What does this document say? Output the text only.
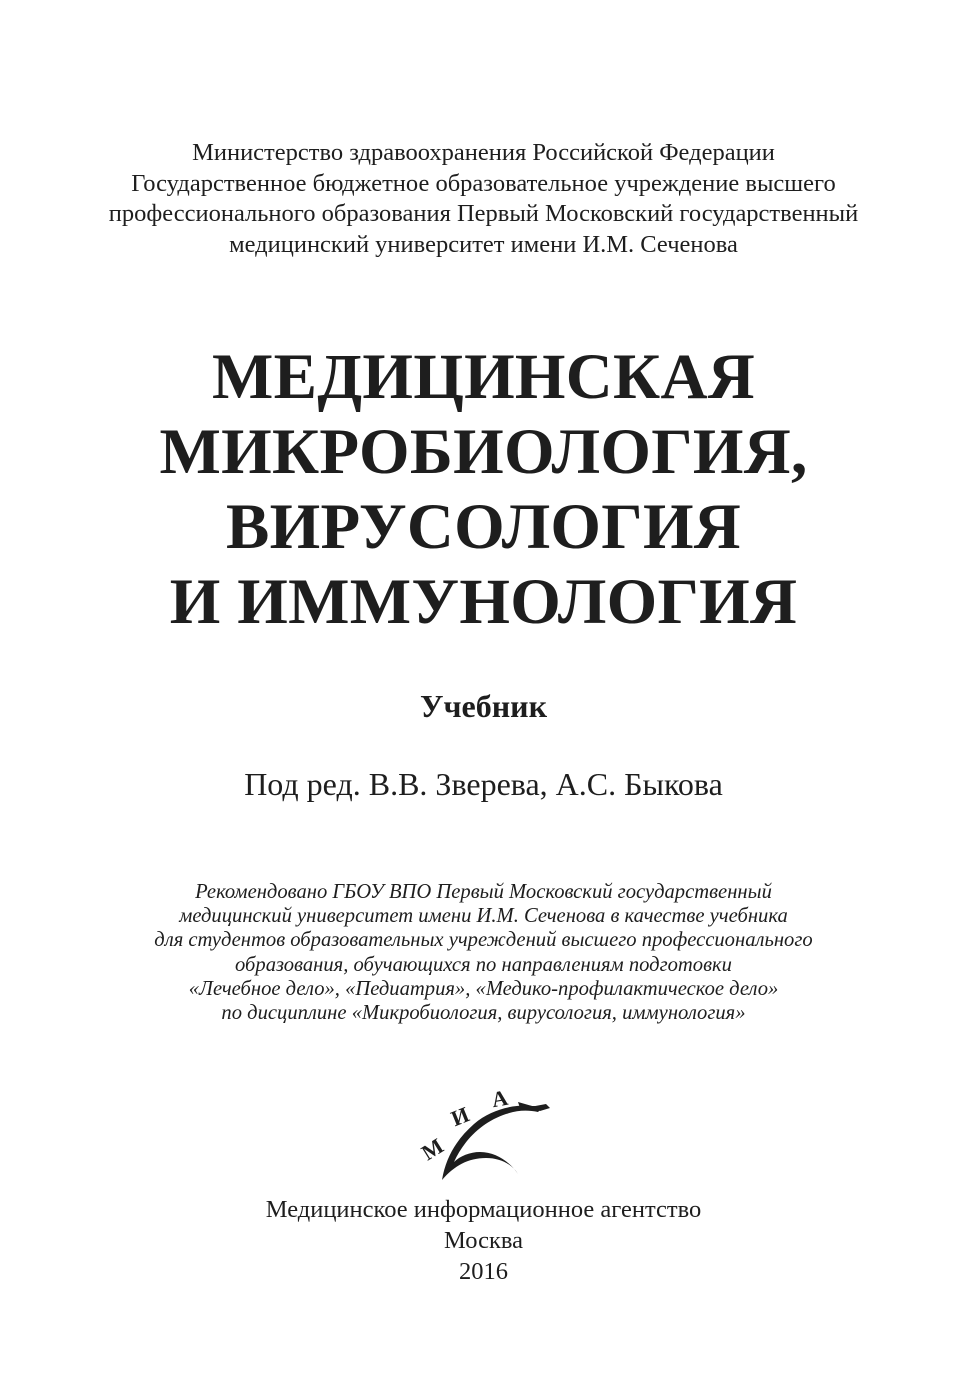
Министерство здравоохранения Российской Федерации
Государственное бюджетное образовательное учреждение высшего
профессионального образования Первый Московский государственный
медицинский университет имени И.М. Сеченова
МЕДИЦИНСКАЯ
МИКРОБИОЛОГИЯ,
ВИРУСОЛОГИЯ
И ИММУНОЛОГИЯ
Учебник
Под ред. В.В. Зверева, А.С. Быкова
Рекомендовано ГБОУ ВПО Первый Московский государственный
медицинский университет имени И.М. Сеченова в качестве учебника
для студентов образовательных учреждений высшего профессионального
образования, обучающихся по направлениям подготовки
«Лечебное дело», «Педиатрия», «Медико-профилактическое дело»
по дисциплине «Микробиология, вирусология, иммунология»
М
И
А
Медицинское информационное агентство
Москва
2016
